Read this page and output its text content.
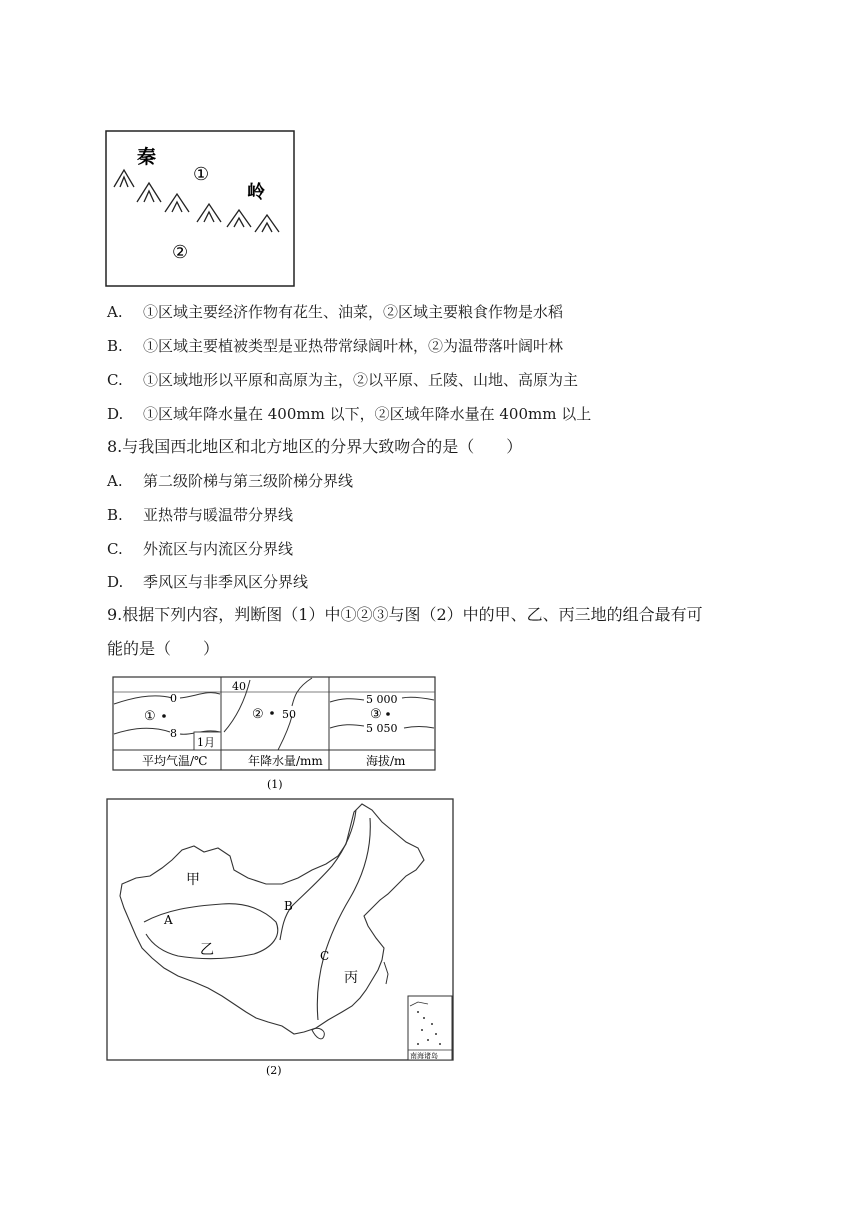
秦
①
岭
②
A. ①区域主要经济作物有花生、油菜，②区域主要粮食作物是水稻
B. ①区域主要植被类型是亚热带常绿阔叶林，②为温带落叶阔叶林
C. ①区域地形以平原和高原为主，②以平原、丘陵、山地、高原为主
D. ①区域年降水量在 400mm 以下，②区域年降水量在 400mm 以上
8.与我国西北地区和北方地区的分界大致吻合的是（　　）
A. 第二级阶梯与第三级阶梯分界线
B. 亚热带与暖温带分界线
C. 外流区与内流区分界线
D. 季风区与非季风区分界线
9.根据下列内容，判断图（1）中①②③与图（2）中的甲、乙、丙三地的组合最有可
能的是（　　）
0
8
①
1月
平均气温/℃
40
50
②
年降水量/mm
5 000
5 050
③
海拔/m
(1)
甲
乙
丙
A
B
C
南海诸岛
(2)
